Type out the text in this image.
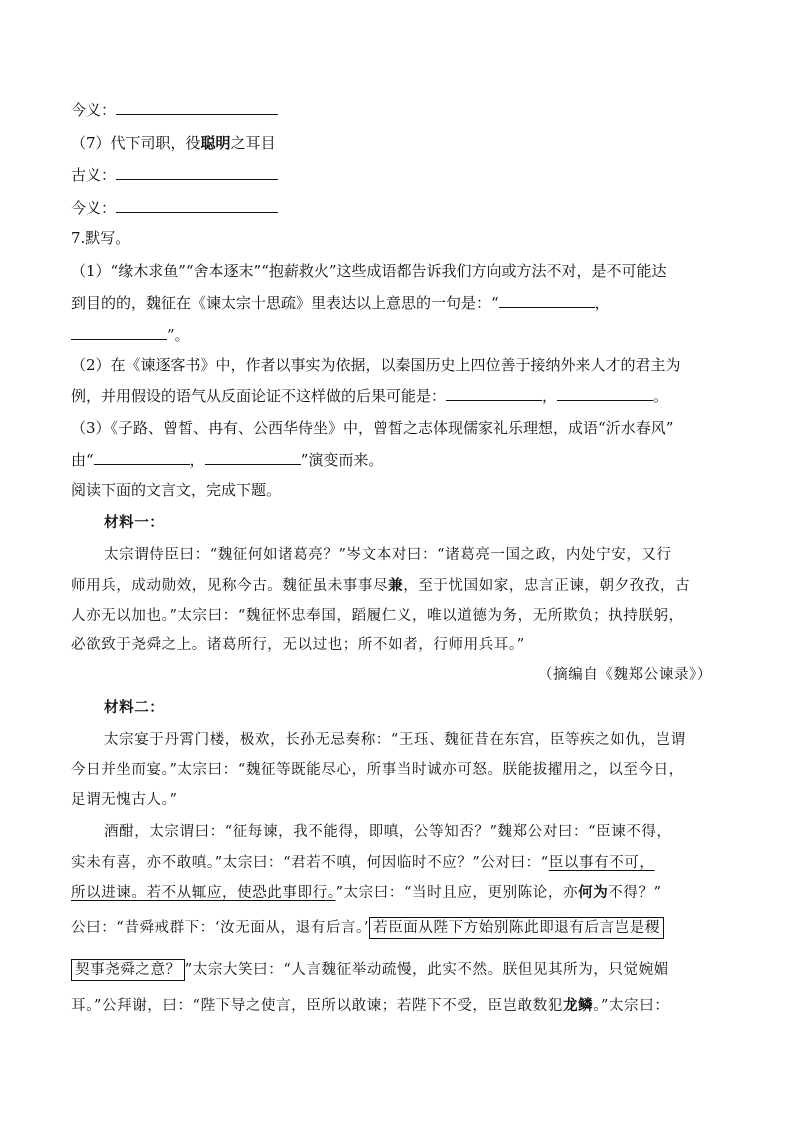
今义：
（7）代下司职，役聪明之耳目
古义：
今义：
7.默写。
（1）“缘木求鱼”“舍本逐末”“抱薪救火”这些成语都告诉我们方向或方法不对，是不可能达
到目的的，魏征在《谏太宗十思疏》里表达以上意思的一句是：“	，
”。
（2）在《谏逐客书》中，作者以事实为依据，以秦国历史上四位善于接纳外来人才的君主为
例，并用假设的语气从反面论证不这样做的后果可能是：	，	。
（3）《子路、曾皙、冉有、公西华侍坐》中，曾皙之志体现儒家礼乐理想，成语“沂水春风”
由“	，	”演变而来。
阅读下面的文言文，完成下题。
材料一：
太宗谓侍臣曰：“魏征何如诸葛亮？”岑文本对曰：“诸葛亮一国之政，内处宁安，又行
师用兵，成动勋效，见称今古。魏征虽未事事尽兼，至于忧国如家，忠言正谏，朝夕孜孜，古
人亦无以加也。”太宗曰：“魏征怀忠奉国，蹈履仁义，唯以道德为务，无所欺负；执持朕躬，
必欲致于尧舜之上。诸葛所行，无以过也；所不如者，行师用兵耳。”
（摘编自《魏郑公谏录》）
材料二：
太宗宴于丹霄门楼，极欢，长孙无忌奏称：“王珏、魏征昔在东宫，臣等疾之如仇，岂谓
今日并坐而宴。”太宗曰：“魏征等既能尽心，所事当时诚亦可怒。朕能拔擢用之，以至今日，
足谓无愧古人。”
酒酣，太宗谓曰：“征每谏，我不能得，即嗔，公等知否？”魏郑公对曰：“臣谏不得，
实未有喜，亦不敢嗔。”太宗曰：“君若不嗔，何因临时不应？”公对曰：“臣以事有不可，
所以进谏。若不从辄应，使恐此事即行。”太宗曰：“当时且应，更别陈论，亦何为不得？”
公曰：“昔舜戒群下：‘汝无面从，退有后言。’ 若臣面从陛下方始别陈此即退有后言岂是稷
契事尧舜之意？ ”太宗大笑曰：“人言魏征举动疏慢，此实不然。朕但见其所为，只觉婉媚
耳。”公拜谢，曰：“陛下导之使言，臣所以敢谏；若陛下不受，臣岂敢数犯龙鳞。”太宗曰：
